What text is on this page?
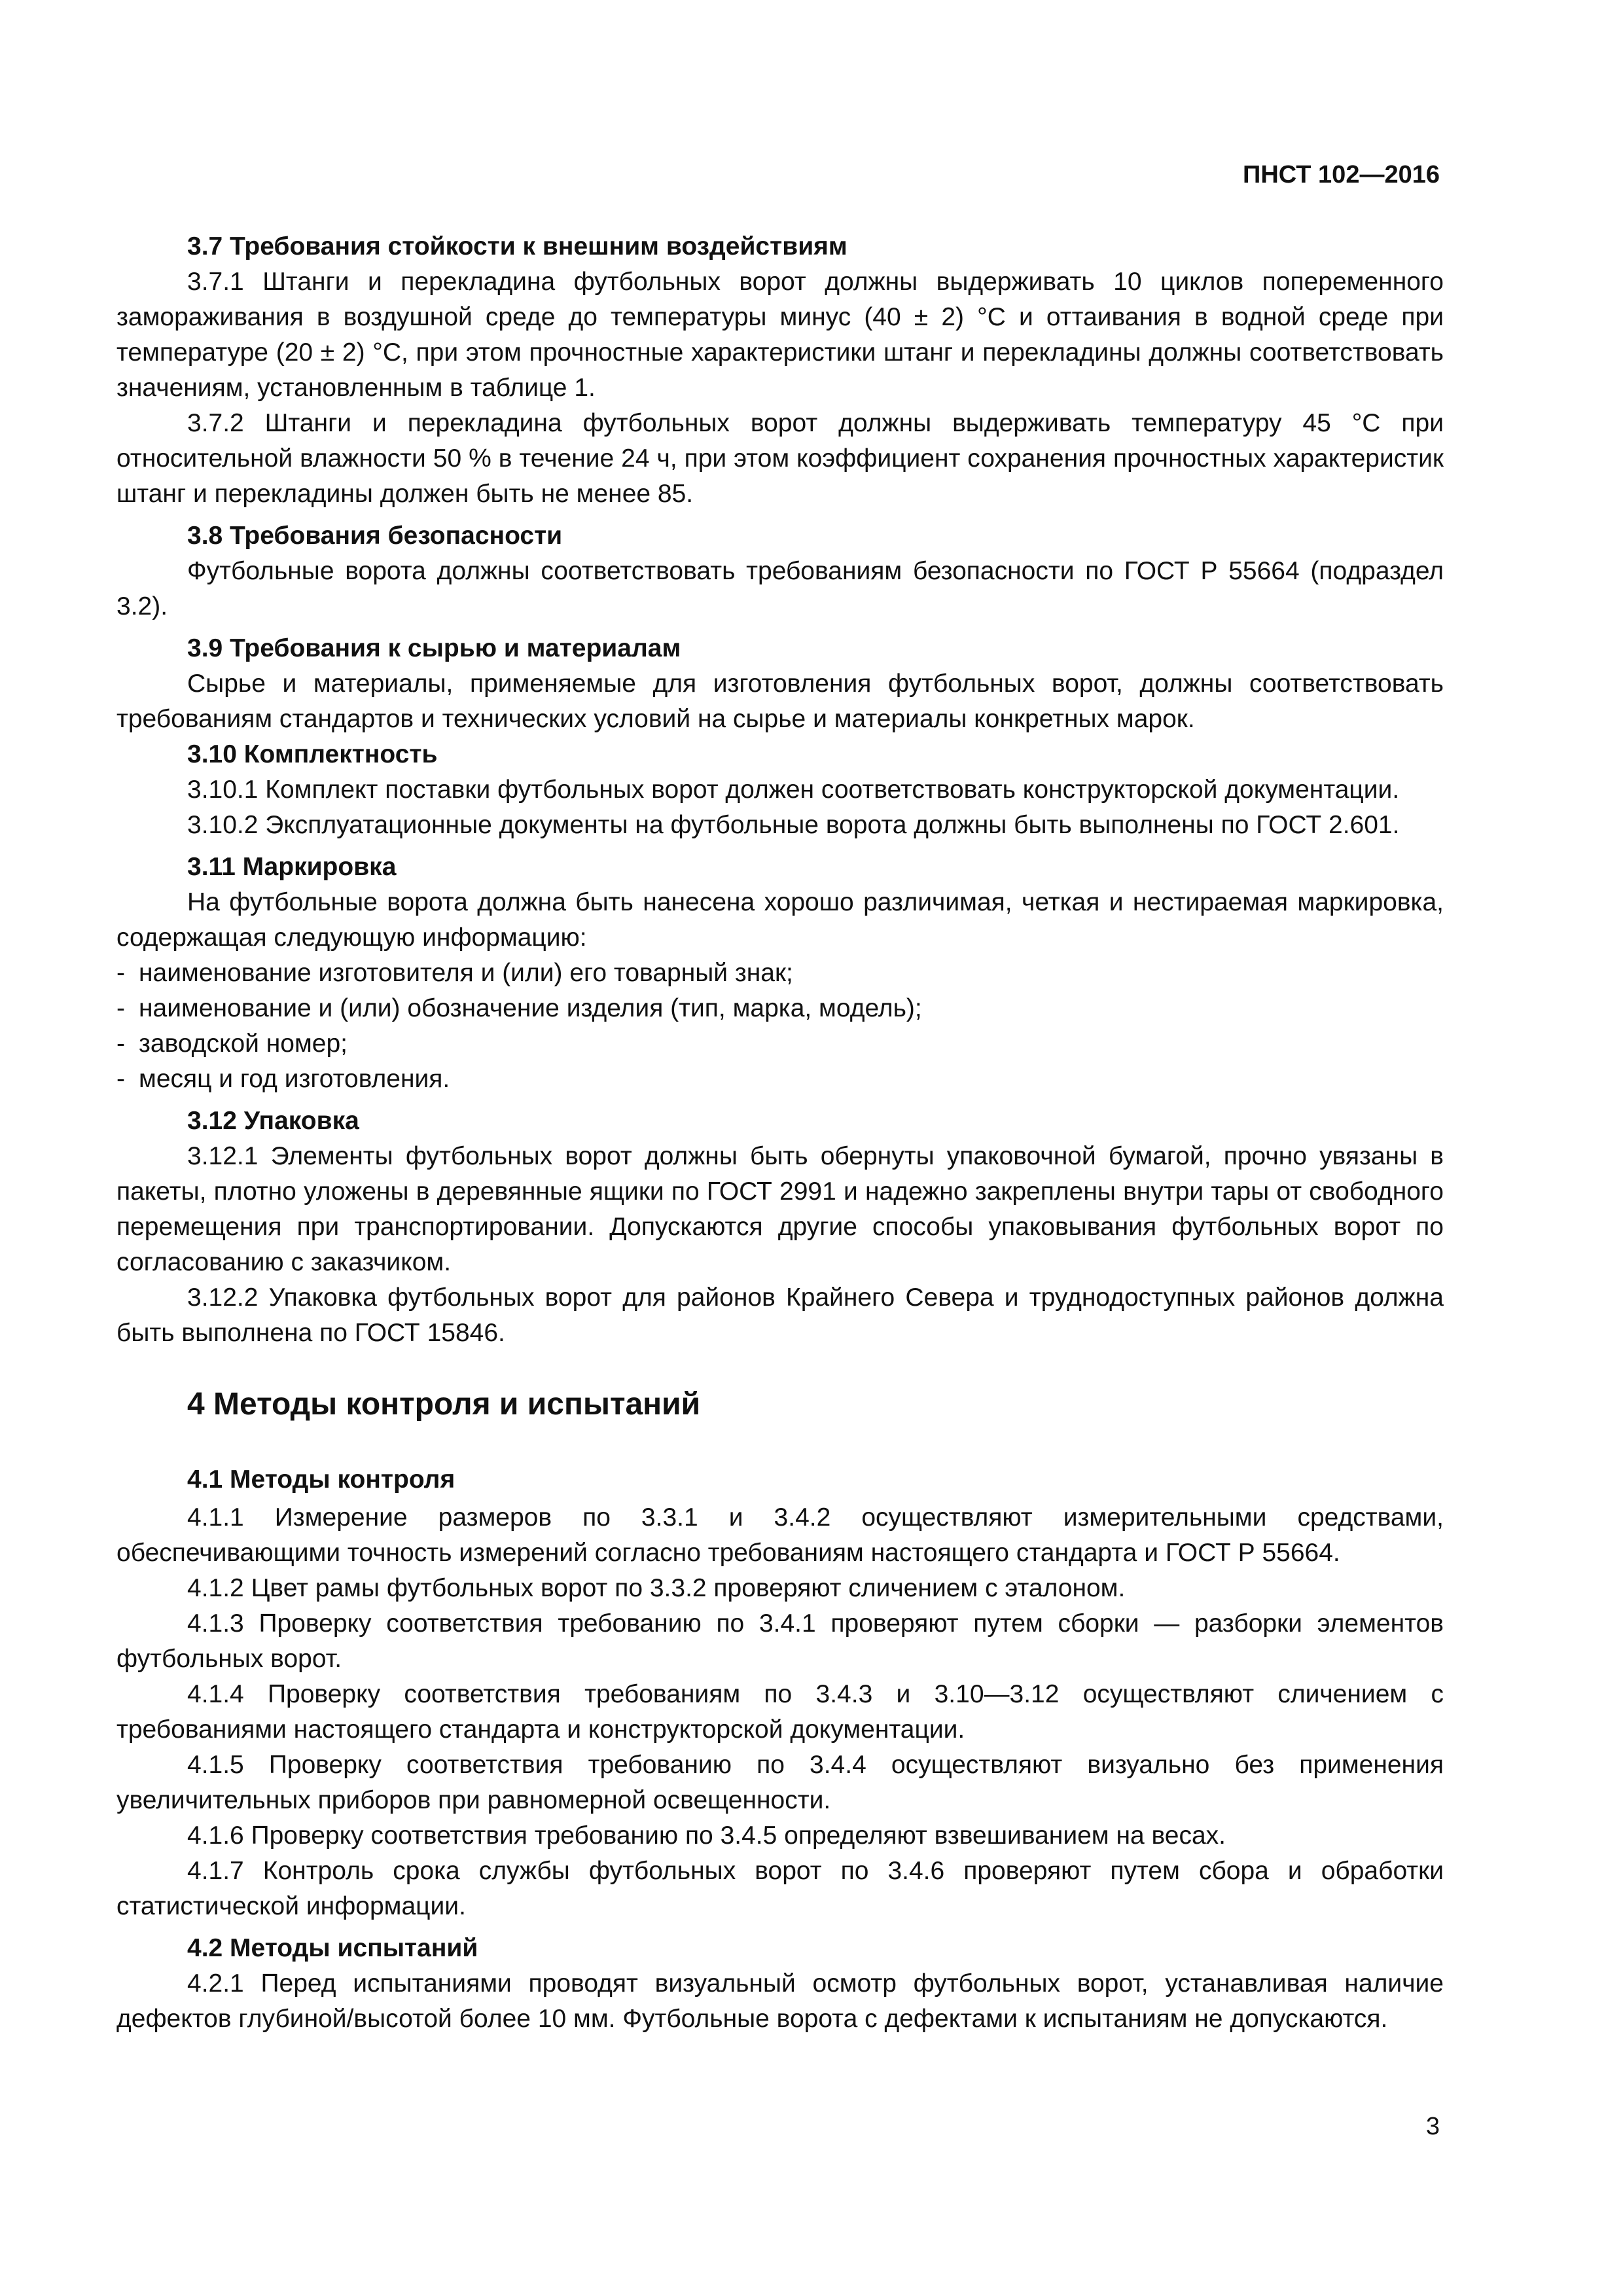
ПНСТ 102—2016
3.7 Требования стойкости к внешним воздействиям

3.7.1 Штанги и перекладина футбольных ворот должны выдерживать 10 циклов попеременного замораживания в воздушной среде до температуры минус (40 ± 2) °C и оттаивания в водной среде при температуре (20 ± 2) °C, при этом прочностные характеристики штанг и перекладины должны соответствовать значениям, установленным в таблице 1.

3.7.2 Штанги и перекладина футбольных ворот должны выдерживать температуру 45 °C при относительной влажности 50 % в течение 24 ч, при этом коэффициент сохранения прочностных характеристик штанг и перекладины должен быть не менее 85.

3.8 Требования безопасности

Футбольные ворота должны соответствовать требованиям безопасности по ГОСТ Р 55664 (подраздел 3.2).

3.9 Требования к сырью и материалам

Сырье и материалы, применяемые для изготовления футбольных ворот, должны соответствовать требованиям стандартов и технических условий на сырье и материалы конкретных марок.

3.10 Комплектность

3.10.1 Комплект поставки футбольных ворот должен соответствовать конструкторской документации.

3.10.2 Эксплуатационные документы на футбольные ворота должны быть выполнены по ГОСТ 2.601.

3.11 Маркировка

На футбольные ворота должна быть нанесена хорошо различимая, четкая и нестираемая маркировка, содержащая следующую информацию:

- наименование изготовителя и (или) его товарный знак;
- наименование и (или) обозначение изделия (тип, марка, модель);
- заводской номер;
- месяц и год изготовления.
3.12 Упаковка

3.12.1 Элементы футбольных ворот должны быть обернуты упаковочной бумагой, прочно увязаны в пакеты, плотно уложены в деревянные ящики по ГОСТ 2991 и надежно закреплены внутри тары от свободного перемещения при транспортировании. Допускаются другие способы упаковывания футбольных ворот по согласованию с заказчиком.

3.12.2 Упаковка футбольных ворот для районов Крайнего Севера и труднодоступных районов должна быть выполнена по ГОСТ 15846.

4 Методы контроля и испытаний
4.1 Методы контроля

4.1.1 Измерение размеров по 3.3.1 и 3.4.2 осуществляют измерительными средствами, обеспечивающими точность измерений согласно требованиям настоящего стандарта и ГОСТ Р 55664.

4.1.2 Цвет рамы футбольных ворот по 3.3.2 проверяют сличением с эталоном.

4.1.3 Проверку соответствия требованию по 3.4.1 проверяют путем сборки — разборки элементов футбольных ворот.

4.1.4 Проверку соответствия требованиям по 3.4.3 и 3.10—3.12 осуществляют сличением с требованиями настоящего стандарта и конструкторской документации.

4.1.5 Проверку соответствия требованию по 3.4.4 осуществляют визуально без применения увеличительных приборов при равномерной освещенности.

4.1.6 Проверку соответствия требованию по 3.4.5 определяют взвешиванием на весах.

4.1.7 Контроль срока службы футбольных ворот по 3.4.6 проверяют путем сбора и обработки статистической информации.

4.2 Методы испытаний

4.2.1 Перед испытаниями проводят визуальный осмотр футбольных ворот, устанавливая наличие дефектов глубиной/высотой более 10 мм. Футбольные ворота с дефектами к испытаниям не допускаются.

3
